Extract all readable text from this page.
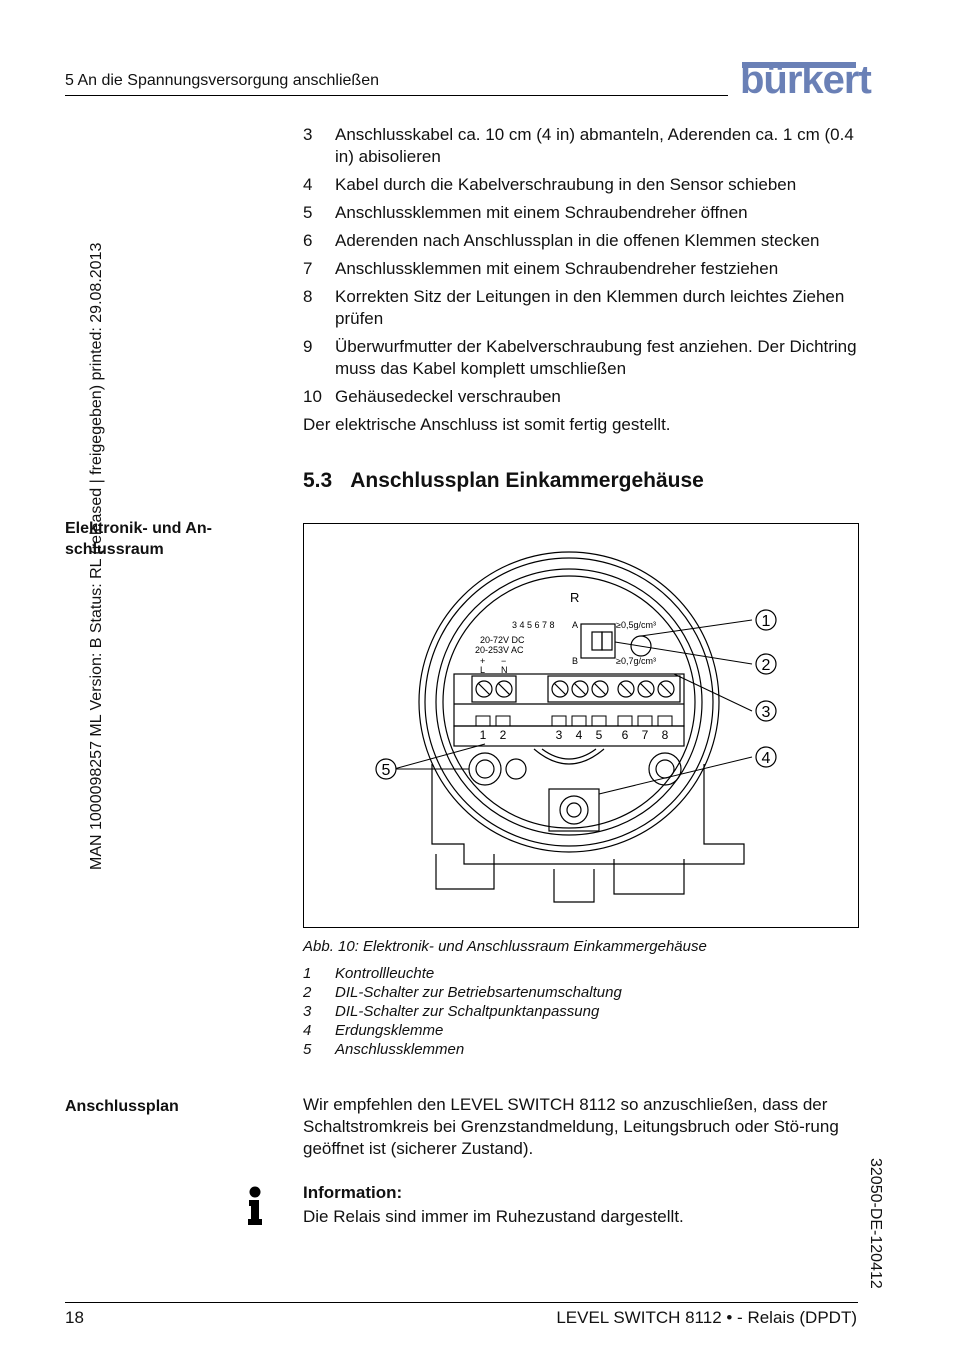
5 An die Spannungsversorgung anschließen	bürkert
MAN 1000098257 ML Version: B Status: RL (released | freigegeben) printed: 29.08.2013
32050-DE-120412
3	Anschlusskabel ca. 10 cm (4 in) abmanteln, Aderenden ca. 1 cm (0.4 in) abisolieren
4	Kabel durch die Kabelverschraubung in den Sensor schieben
5	Anschlussklemmen mit einem Schraubendreher öffnen
6	Aderenden nach Anschlussplan in die offenen Klemmen stecken
7	Anschlussklemmen mit einem Schraubendreher festziehen
8	Korrekten Sitz der Leitungen in den Klemmen durch leichtes Ziehen prüfen
9	Überwurfmutter der Kabelverschraubung fest anziehen. Der Dichtring muss das Kabel komplett umschließen
10 Gehäusedeckel verschrauben
Der elektrische Anschluss ist somit fertig gestellt.
5.3 Anschlussplan Einkammergehäuse
Elektronik- und An-schlussraum
1
2
3
4
5
R
3 4 5 6 7 8
20-72V DC
20-253V AC
+ −
L N
A
B
≥0,5g/cm³
≥0,7g/cm³
1 2	3 4 5 6 7 8
Abb. 10: Elektronik- und Anschlussraum Einkammergehäuse
1	Kontrollleuchte
2	DIL-Schalter zur Betriebsartenumschaltung
3	DIL-Schalter zur Schaltpunktanpassung
4	Erdungsklemme
5	Anschlussklemmen
Anschlussplan	Wir empfehlen den LEVEL SWITCH 8112 so anzuschließen, dass der Schaltstromkreis bei Grenzstandmeldung, Leitungsbruch oder Stö-rung geöffnet ist (sicherer Zustand).
Information:
Die Relais sind immer im Ruhezustand dargestellt.
18	LEVEL SWITCH 8112 • - Relais (DPDT)
